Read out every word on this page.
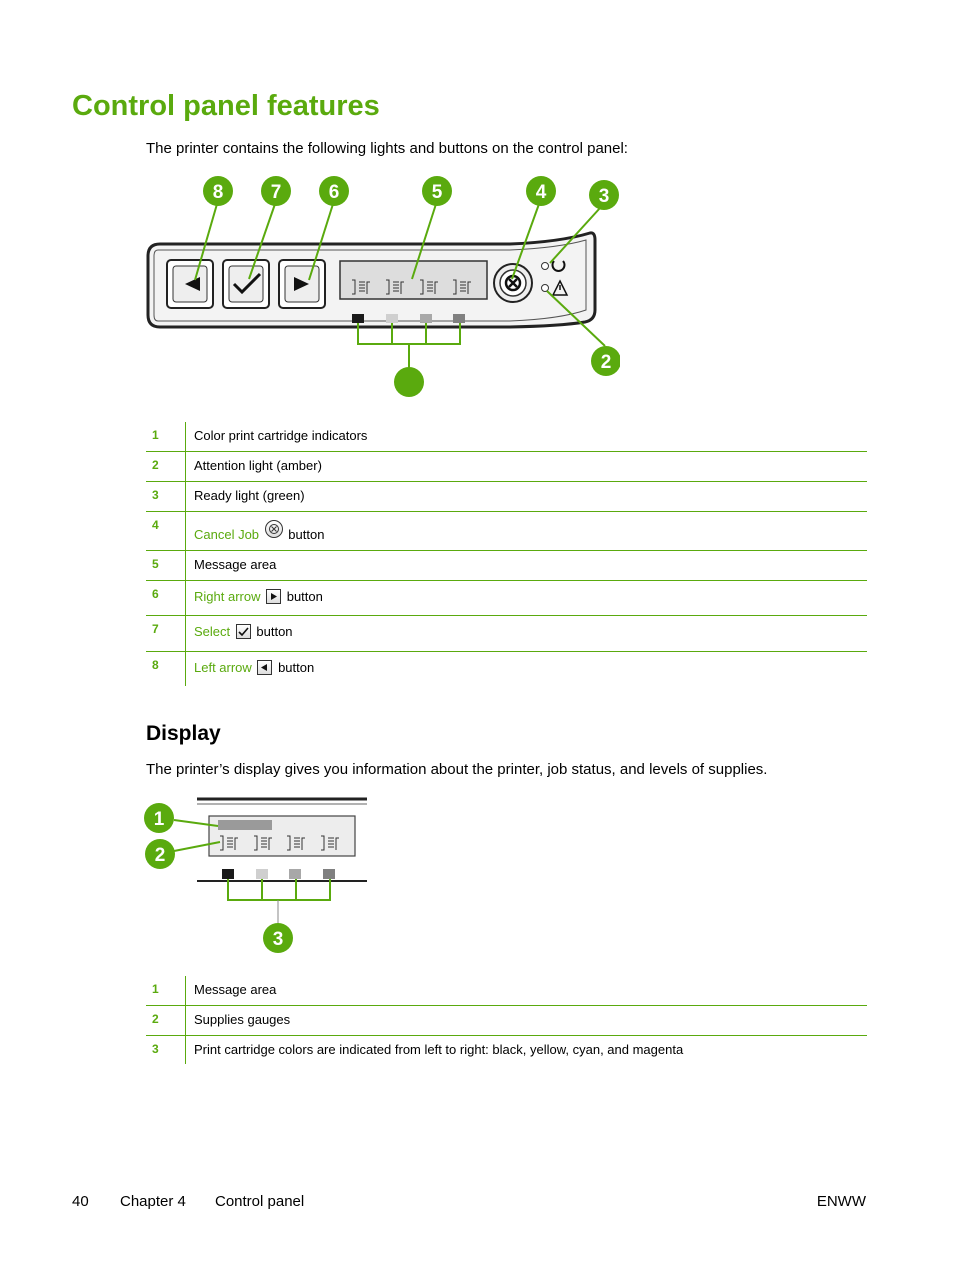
Control panel features
The printer contains the following lights and buttons on the control panel:
8 7 6	5	4	3
2
1	Color print cartridge indicators
2	Attention light (amber)
3	Ready light (green)
4	Cancel Job button
5	Message area
6	Right arrow button
7	Select button
8	Left arrow button
Display
The printer’s display gives you information about the printer, job status, and levels of supplies.
1
2
3
1	Message area
2	Supplies gauges
3	Print cartridge colors are indicated from left to right: black, yellow, cyan, and magenta
40 Chapter 4 Control panel	ENWW
